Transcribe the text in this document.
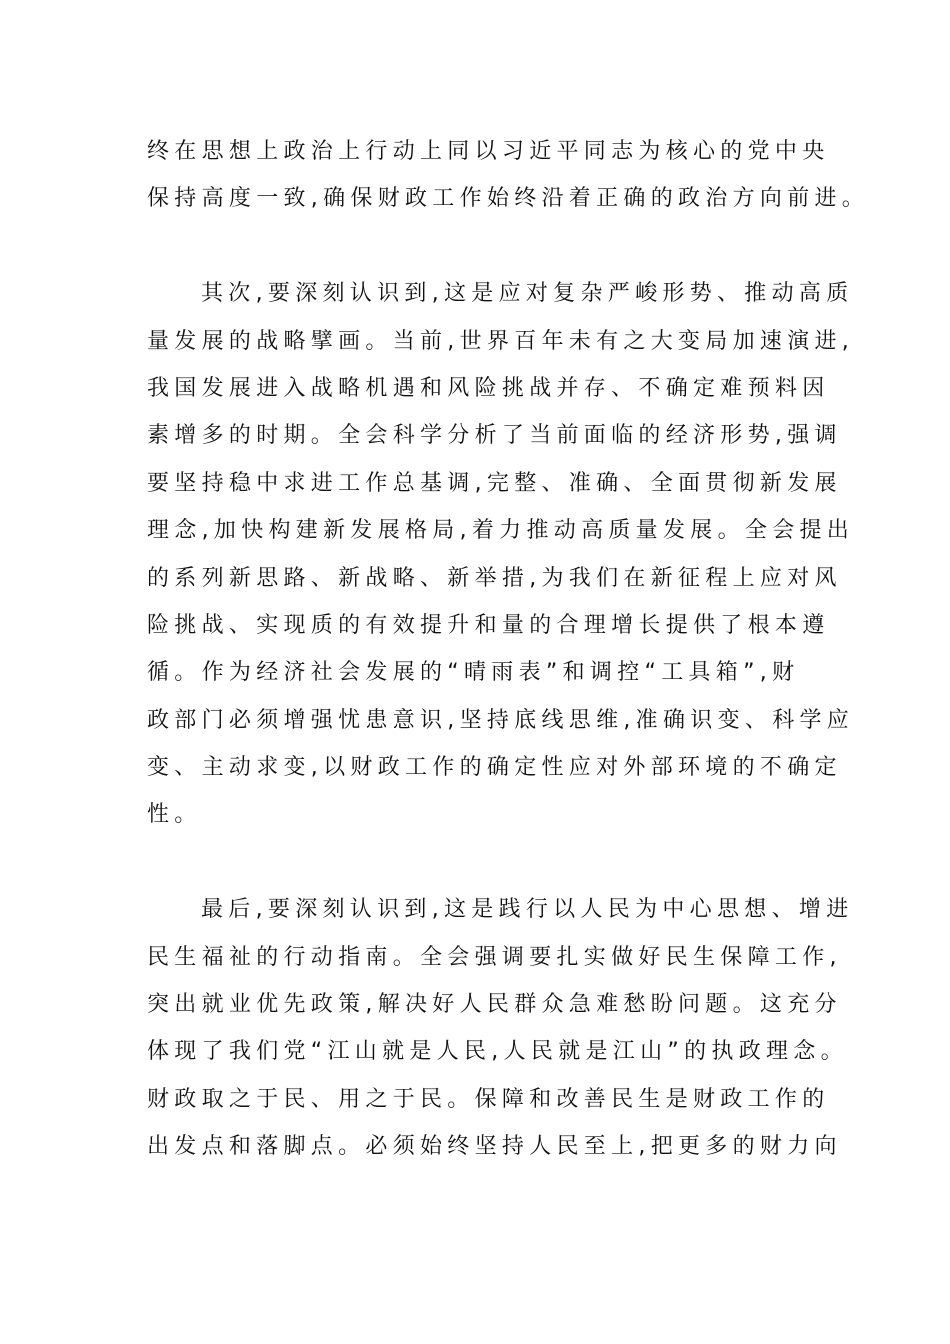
终在思想上政治上行动上同以习近平同志为核心的党中央
保持高度一致,确保财政工作始终沿着正确的政治方向前进。
其次,要深刻认识到,这是应对复杂严峻形势、推动高质
量发展的战略擘画。当前,世界百年未有之大变局加速演进,
我国发展进入战略机遇和风险挑战并存、不确定难预料因
素增多的时期。全会科学分析了当前面临的经济形势,强调
要坚持稳中求进工作总基调,完整、准确、全面贯彻新发展
理念,加快构建新发展格局,着力推动高质量发展。全会提出
的系列新思路、新战略、新举措,为我们在新征程上应对风
险挑战、实现质的有效提升和量的合理增长提供了根本遵
循。作为经济社会发展的“晴雨表”和调控“工具箱”,财
政部门必须增强忧患意识,坚持底线思维,准确识变、科学应
变、主动求变,以财政工作的确定性应对外部环境的不确定
性。
最后,要深刻认识到,这是践行以人民为中心思想、增进
民生福祉的行动指南。全会强调要扎实做好民生保障工作,
突出就业优先政策,解决好人民群众急难愁盼问题。这充分
体现了我们党“江山就是人民,人民就是江山”的执政理念。
财政取之于民、用之于民。保障和改善民生是财政工作的
出发点和落脚点。必须始终坚持人民至上,把更多的财力向
